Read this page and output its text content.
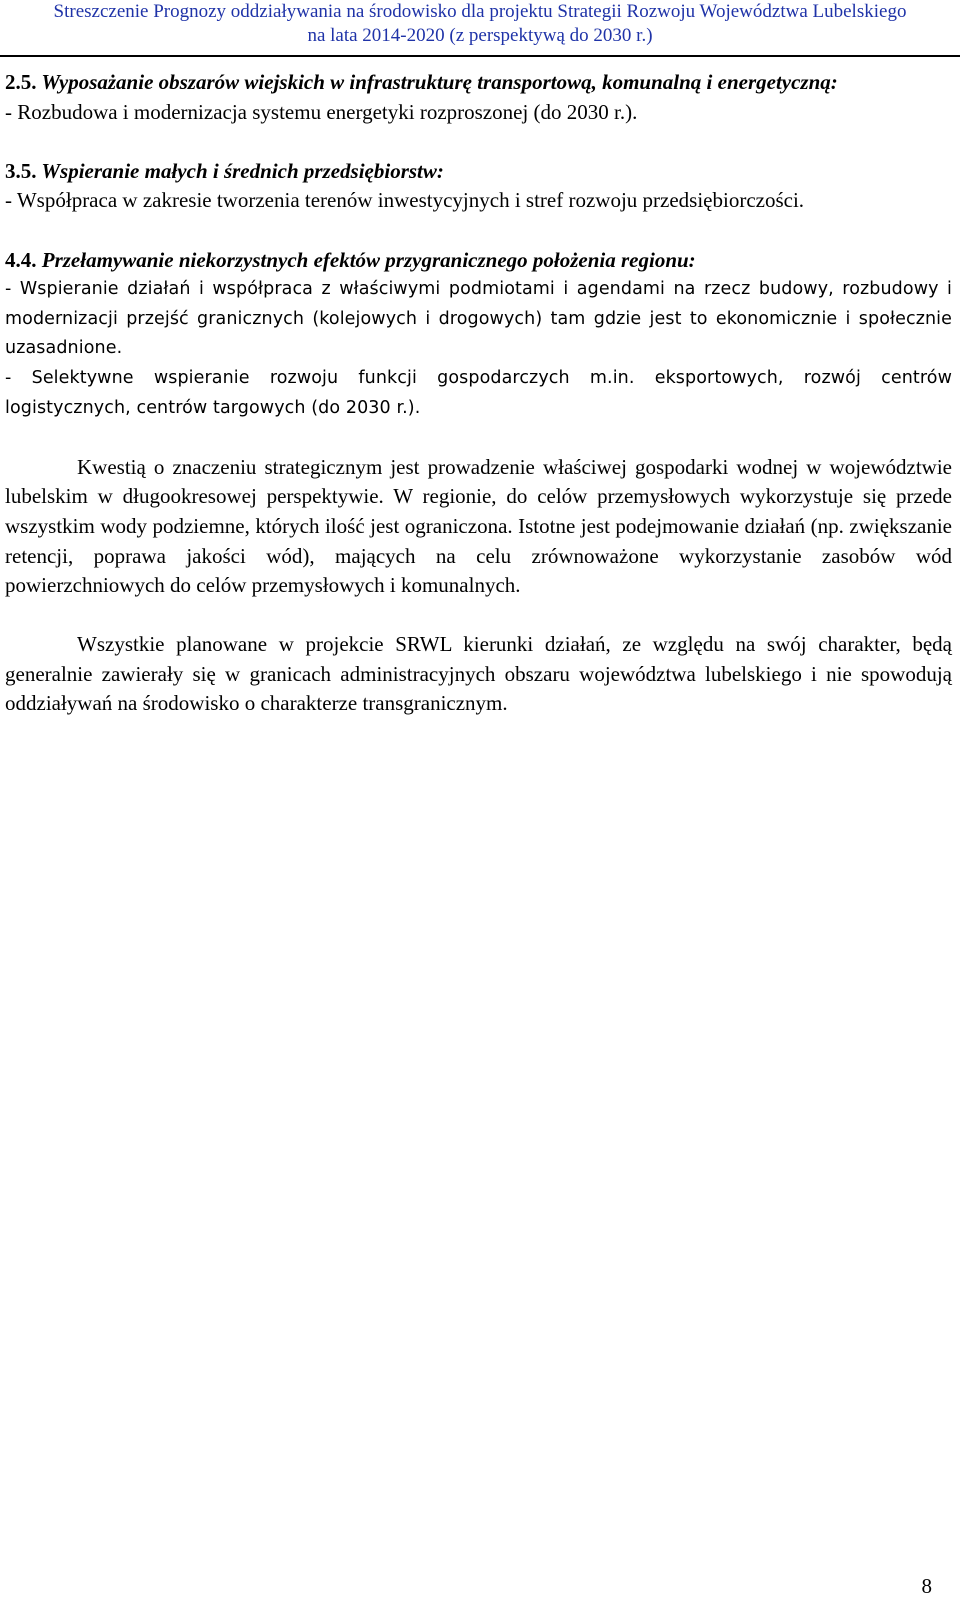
Streszczenie Prognozy oddziaływania na środowisko dla projektu Strategii Rozwoju Województwa Lubelskiego
na lata 2014-2020 (z perspektywą do 2030 r.)
2.5. Wyposażanie obszarów wiejskich w infrastrukturę transportową, komunalną i energetyczną:
- Rozbudowa i modernizacja systemu energetyki rozproszonej (do 2030 r.).
3.5. Wspieranie małych i średnich przedsiębiorstw:
- Współpraca w zakresie tworzenia terenów inwestycyjnych i stref rozwoju przedsiębiorczości.
4.4. Przełamywanie niekorzystnych efektów przygranicznego położenia regionu:
- Wspieranie działań i współpraca z właściwymi podmiotami i agendami na rzecz budowy, rozbudowy i modernizacji przejść granicznych (kolejowych i drogowych) tam gdzie jest to ekonomicznie i społecznie uzasadnione.
- Selektywne wspieranie rozwoju funkcji gospodarczych m.in. eksportowych, rozwój centrów logistycznych, centrów targowych (do 2030 r.).

Kwestią o znaczeniu strategicznym jest prowadzenie właściwej gospodarki wodnej w województwie lubelskim w długookresowej perspektywie. W regionie, do celów przemysłowych wykorzystuje się przede wszystkim wody podziemne, których ilość jest ograniczona. Istotne jest podejmowanie działań (np. zwiększanie retencji, poprawa jakości wód), mających na celu zrównoważone wykorzystanie zasobów wód powierzchniowych do celów przemysłowych i komunalnych.

Wszystkie planowane w projekcie SRWL kierunki działań, ze względu na swój charakter, będą generalnie zawierały się w granicach administracyjnych obszaru województwa lubelskiego i nie spowodują oddziaływań na środowisko o charakterze transgranicznym.

8
